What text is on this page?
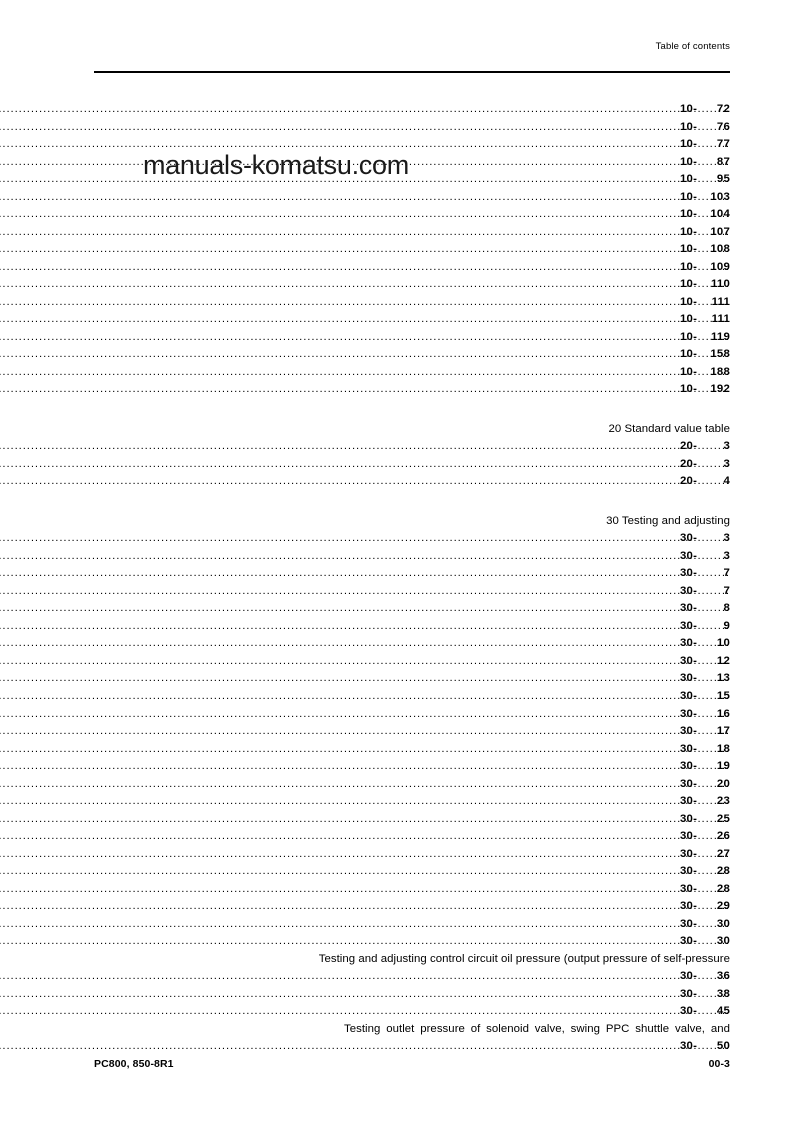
Table of contents
.....
10-	72
.....
10-	76
.....
10-	77
.....
10-	87
.....
10-	95
.....
10-	103
.....
10-	104
.....
10-	107
.....
10-	108
.....
10-	109
.....
10-	110
.....
10-	111
.....
10-	111
.....
10-	119
.....
10-	158
.....
10-	188
.....
10-	192
20 Standard value table
.....
20-	3
.....
20-	3
.....
20-	4
30 Testing and adjusting
.....
30-	3
.....
30-	3
.....
30-	7
.....
30-	7
.....
30-	8
.....
30-	9
.....
30-	10
.....
30-	12
.....
30-	13
.....
30-	15
.....
30-	16
.....
30-	17
.....
30-	18
.....
30-	19
.....
30-	20
.....
30-	23
.....
30-	25
.....
30-	26
.....
30-	27
.....
30-	28
.....
30-	28
.....
30-	29
.....
30-	30
.....
30-	30
Testing and adjusting control circuit oil pressure (output pressure of self-pressure
.....
30-	36
.....
30-	38
.....
30-	45
Testing outlet pressure of solenoid valve, swing PPC shuttle valve, and
.....
30-	50
manuals-komatsu.com
PC800, 850-8R1	00-3
